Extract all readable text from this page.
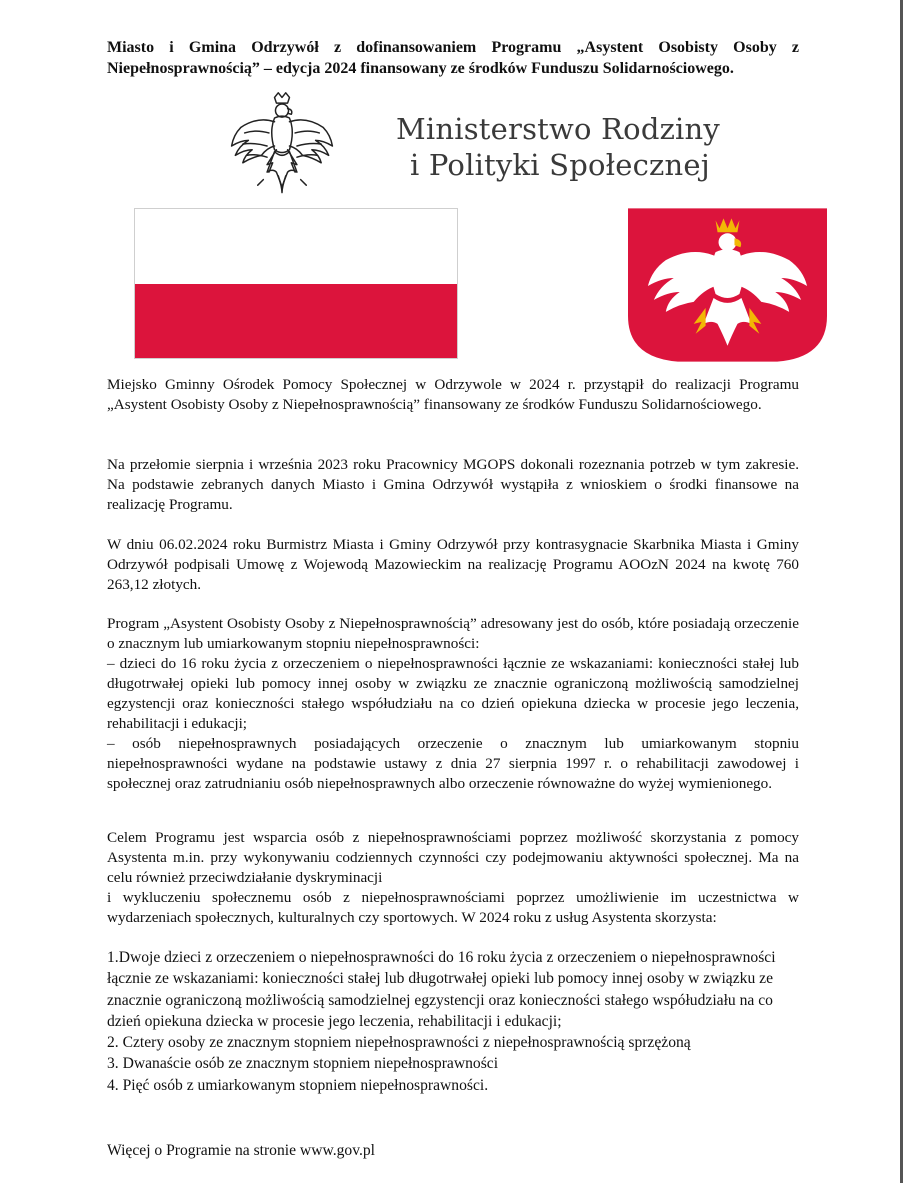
Miasto i Gmina Odrzywół z dofinansowaniem Programu „Asystent Osobisty Osoby z Niepełnosprawnością” – edycja 2024 finansowany ze środków Funduszu Solidarnościowego.
Ministerstwo Rodziny
i Polityki Społecznej
Miejsko Gminny Ośrodek Pomocy Społecznej w Odrzywole w 2024 r. przystąpił do realizacji Programu „Asystent Osobisty Osoby z Niepełnosprawnością” finansowany ze środków Funduszu Solidarnościowego.
Na przełomie sierpnia i września 2023 roku Pracownicy MGOPS dokonali rozeznania potrzeb w tym zakresie. Na podstawie zebranych danych Miasto i Gmina Odrzywół wystąpiła z wnioskiem o środki finansowe na realizację Programu.
W dniu 06.02.2024 roku Burmistrz Miasta i Gminy Odrzywół przy kontrasygnacie Skarbnika Miasta i Gminy Odrzywół podpisali Umowę z Wojewodą Mazowieckim na realizację Programu AOOzN 2024 na kwotę 760 263,12 złotych.
Program „Asystent Osobisty Osoby z Niepełnosprawnością” adresowany jest do osób, które posiadają orzeczenie o znacznym lub umiarkowanym stopniu niepełnosprawności:
– dzieci do 16 roku życia z orzeczeniem o niepełnosprawności łącznie ze wskazaniami: konieczności stałej lub długotrwałej opieki lub pomocy innej osoby w związku ze znacznie ograniczoną możliwością samodzielnej egzystencji oraz konieczności stałego współudziału na co dzień opiekuna dziecka w procesie jego leczenia, rehabilitacji i edukacji;
– osób niepełnosprawnych posiadających orzeczenie o znacznym lub umiarkowanym stopniu niepełnosprawności wydane na podstawie ustawy z dnia 27 sierpnia 1997 r. o rehabilitacji zawodowej i społecznej oraz zatrudnianiu osób niepełnosprawnych albo orzeczenie równoważne do wyżej wymienionego.
Celem Programu jest wsparcia osób z niepełnosprawnościami poprzez możliwość skorzystania z pomocy Asystenta m.in. przy wykonywaniu codziennych czynności czy podejmowaniu aktywności społecznej. Ma na celu również przeciwdziałanie dyskryminacji
i wykluczeniu społecznemu osób z niepełnosprawnościami poprzez umożliwienie im uczestnictwa w wydarzeniach społecznych, kulturalnych czy sportowych. W 2024 roku z usług Asystenta skorzysta:
1.Dwoje dzieci z orzeczeniem o niepełnosprawności do 16 roku życia z orzeczeniem o niepełnosprawności łącznie ze wskazaniami: konieczności stałej lub długotrwałej opieki lub pomocy innej osoby w związku ze znacznie ograniczoną możliwością samodzielnej egzystencji oraz konieczności stałego współudziału na co dzień opiekuna dziecka w procesie jego leczenia, rehabilitacji i edukacji;
2. Cztery osoby ze znacznym stopniem niepełnosprawności z niepełnosprawnością sprzężoną
3. Dwanaście osób ze znacznym stopniem niepełnosprawności
4. Pięć osób z umiarkowanym stopniem niepełnosprawności.
Więcej o Programie na stronie www.gov.pl
